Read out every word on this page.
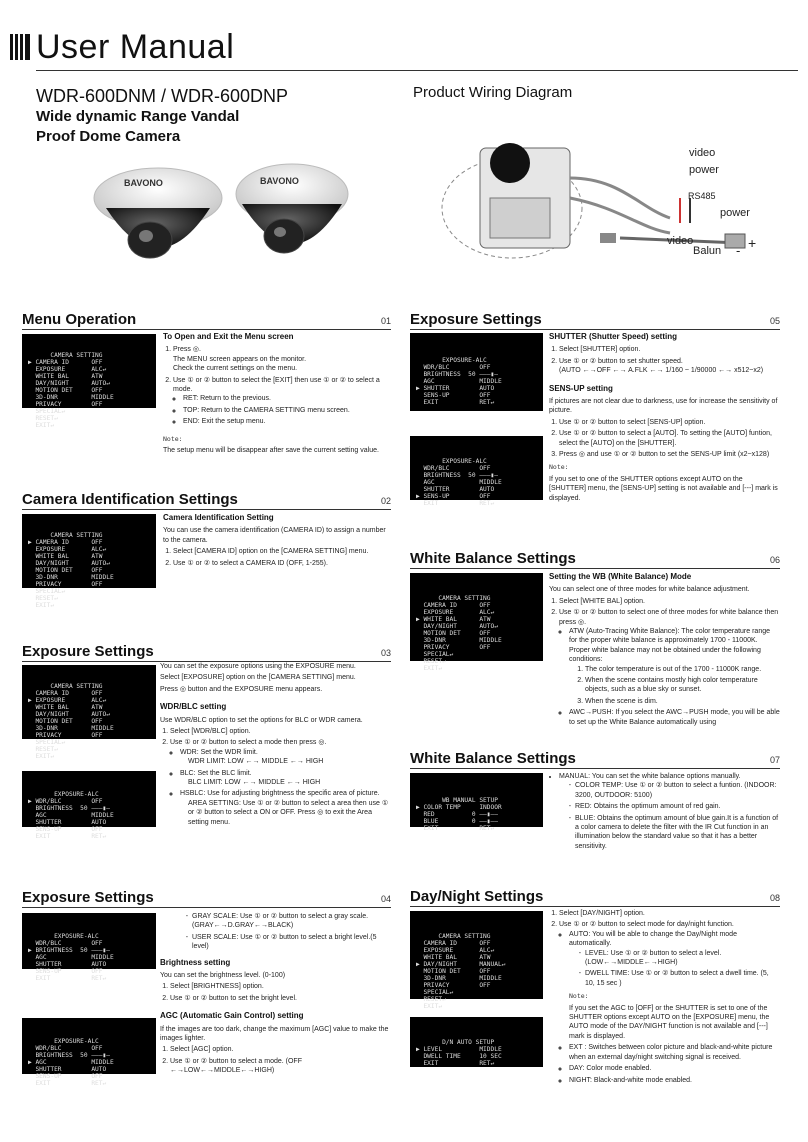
User Manual
WDR-600DNM / WDR-600DNP
Wide dynamic Range Vandal
Proof Dome Camera
Product Wiring Diagram
BAVONO	BAVONO
video
power
RS485
power
video
Balun - +
Menu Operation	01

CAMERA SETTING
▶ CAMERA ID      OFF
EXPOSURE       ALC↵
WHITE BAL      ATW
DAY/NIGHT      AUTO↵
MOTION DET     OFF
3D-DNR         MIDDLE
PRIVACY        OFF
SPECIAL↵
RESET↵
EXIT↵

To Open and Exit the Menu screen

1. Press ◎.
The MENU screen appears on the monitor.
Check the current settings on the menu.
2. Use ① or ② button to select the [EXIT] then use ① or ② to select a mode.
◦ RET: Return to the previous.
◦ TOP: Return to the CAMERA SETTING menu screen.
◦ END: Exit the setup menu.

Note:

The setup menu will be disappear after save the current setting value.

Camera Identification Settings	02

CAMERA SETTING
▶ CAMERA ID      OFF
EXPOSURE       ALC↵
WHITE BAL      ATW
DAY/NIGHT      AUTO↵
MOTION DET     OFF
3D-DNR         MIDDLE
PRIVACY        OFF
SPECIAL↵
RESET↵
EXIT↵

Camera Identification Setting

You can use the camera identification (CAMERA ID) to assign a number to the camera.

1. Select [CAMERA ID] option on the [CAMERA SETTING] menu.
2. Use ① or ② to select a CAMERA ID (OFF, 1-255).
Exposure Settings	03

CAMERA SETTING
CAMERA ID      OFF
▶ EXPOSURE       ALC↵
WHITE BAL      ATW
DAY/NIGHT      AUTO↵
MOTION DET     OFF
3D-DNR         MIDDLE
PRIVACY        OFF
SPECIAL↵
RESET↵
EXIT↵

EXPOSURE-ALC
▶ WDR/BLC        OFF
BRIGHTNESS  50 ———▮—
AGC            MIDDLE
SHUTTER        AUTO
SENS-UP        OFF
EXIT           RET↵

You can set the exposure options using the EXPOSURE menu.

Select [EXPOSURE] option on the [CAMERA SETTING] menu.

Press ◎ button and the EXPOSURE menu appears.

WDR/BLC setting

Use WDR/BLC option to set the options for BLC or WDR camera.

1. Select [WDR/BLC] option.
2. Use ① or ② button to select a mode then press ◎.
◦ WDR: Set the WDR limit.
WDR LIMIT: LOW ←→ MIDDLE ←→ HIGH
◦ BLC: Set the BLC limit.
BLC LIMIT: LOW ←→ MIDDLE ←→ HIGH
◦ HSBLC: Use for adjusting brightness the specific area of picture.

AREA SETTING: Use ① or ② button to select a area then use ① or ② button to select a ON or OFF. Press ◎ to exit the Area setting menu.
Exposure Settings	04

EXPOSURE-ALC
WDR/BLC        OFF
▶ BRIGHTNESS  50 ———▮—
AGC            MIDDLE
SHUTTER        AUTO
SENS-UP        OFF
EXIT           RET↵

EXPOSURE-ALC
WDR/BLC        OFF
BRIGHTNESS  50 ———▮—
▶ AGC            MIDDLE
SHUTTER        AUTO
SENS-UP        OFF
EXIT           RET↵

- GRAY SCALE: Use ① or ② button to select a gray scale. (GRAY←→D.GRAY←→BLACK)
- USER SCALE: Use ① or ② button to select a bright level.(5 level)

Brightness setting

You can set the brightness level. (0-100)

1. Select [BRIGHTNESS] option.
2. Use ① or ② button to set the bright level.

AGC (Automatic Gain Control) setting

If the images are too dark, change the maximum [AGC] value to make the images lighter.

1. Select [AGC] option.
2. Use ① or ② button to select a mode. (OFF ←→LOW←→MIDDLE←→HIGH)
Exposure Settings	05

EXPOSURE-ALC
WDR/BLC        OFF
BRIGHTNESS  50 ———▮—
AGC            MIDDLE
▶ SHUTTER        AUTO
SENS-UP        OFF
EXIT           RET↵

EXPOSURE-ALC
WDR/BLC        OFF
BRIGHTNESS  50 ———▮—
AGC            MIDDLE
SHUTTER        AUTO
▶ SENS-UP        OFF
EXIT           RET↵

SHUTTER (Shutter Speed) setting

1. Select [SHUTTER] option.
2. Use ① or ② button to set shutter speed.
(AUTO ←→OFF ←→ A.FLK ←→ 1/160 ~ 1/90000 ←→ x512~x2)

SENS-UP setting

If pictures are not clear due to darkness, use for increase the sensitivity of picture.

1. Use ① or ② button to select [SENS-UP] option.
2. Use ① or ② button to select a [AUTO]. To setting the [AUTO] funtion, select the [AUTO] on the [SHUTTER].
3. Press ◎ and use ① or ② button to set the SENS-UP limit (x2~x128)

Note:

If you set to one of the SHUTTER options except AUTO on the [SHUTTER] menu, the [SENS-UP] setting is not available and [---] mark is displayed.

White Balance Settings	06

CAMERA SETTING
CAMERA ID      OFF
EXPOSURE       ALC↵
▶ WHITE BAL      ATW
DAY/NIGHT      AUTO↵
MOTION DET     OFF
3D-DNR         MIDDLE
PRIVACY        OFF
SPECIAL↵
RESET↵
EXIT↵

Setting the WB (White Balance) Mode

You can select one of three modes for white balance adjustment.

1. Select [WHITE BAL] option.
2. Use ① or ② button to select one of three modes for white balance then press ◎.
◦ ATW (Auto-Tracing White Balance): The color temperature range for the proper white balance is approximately 1700 - 11000K. Proper white balance may not be obtained under the following conditions:
1. The color temperature is out of the 1700 - 11000K range.
2. When the scene contains mostly high color temperature objects, such as a blue sky or sunset.
3. When the scene is dim.
◦ AWC→PUSH: If you select the AWC→PUSH mode, you will be able to set up the White Balance automatically using
White Balance Settings	07

WB MANUAL SETUP
▶ COLOR TEMP     INDOOR
RED          0 ——▮——
BLUE         0 ——▮——
EXIT           RET↵

• MANUAL: You can set the white balance options manually.
- COLOR TEMP: Use ① or ② button to select a funtion. (INDOOR: 3200, OUTDOOR: 5100)
- RED: Obtains the optimum amount of red gain.
- BLUE: Obtains the optimum amount of blue gain.It is a function of a color camera to delete the filter with the IR Cut function in an illumination below the standard value so that it has a better sensitivity.
Day/Night Settings	08

CAMERA SETTING
CAMERA ID      OFF
EXPOSURE       ALC↵
WHITE BAL      ATW
▶ DAY/NIGHT      MANUAL↵
MOTION DET     OFF
3D-DNR         MIDDLE
PRIVACY        OFF
SPECIAL↵
RESET↵
EXIT↵

D/N AUTO SETUP
▶ LEVEL          MIDDLE
DWELL TIME     10 SEC
EXIT           RET↵

1. Select [DAY/NIGHT] option.
2. Use ① or ② button to select mode for day/night function.
◦ AUTO: You will be able to change the Day/Night mode automatically.
- LEVEL: Use ① or ② button to select a level. (LOW←→MIDDLE←→HIGH)
- DWELL TIME: Use ① or ② button to select a dwell time. (5, 10, 15 sec )

Note:

If you set the AGC to [OFF] or the SHUTTER is set to one of the SHUTTER options except AUTO on the [EXPOSURE] menu, the AUTO mode of the DAY/NIGHT function is not available and [---] mark is displayed.

◦ EXT : Switches between color picture and black-and-white picture when an external day/night switching signal is received.
◦ DAY: Color mode enabled.
◦ NIGHT: Black-and-white mode enabled.
